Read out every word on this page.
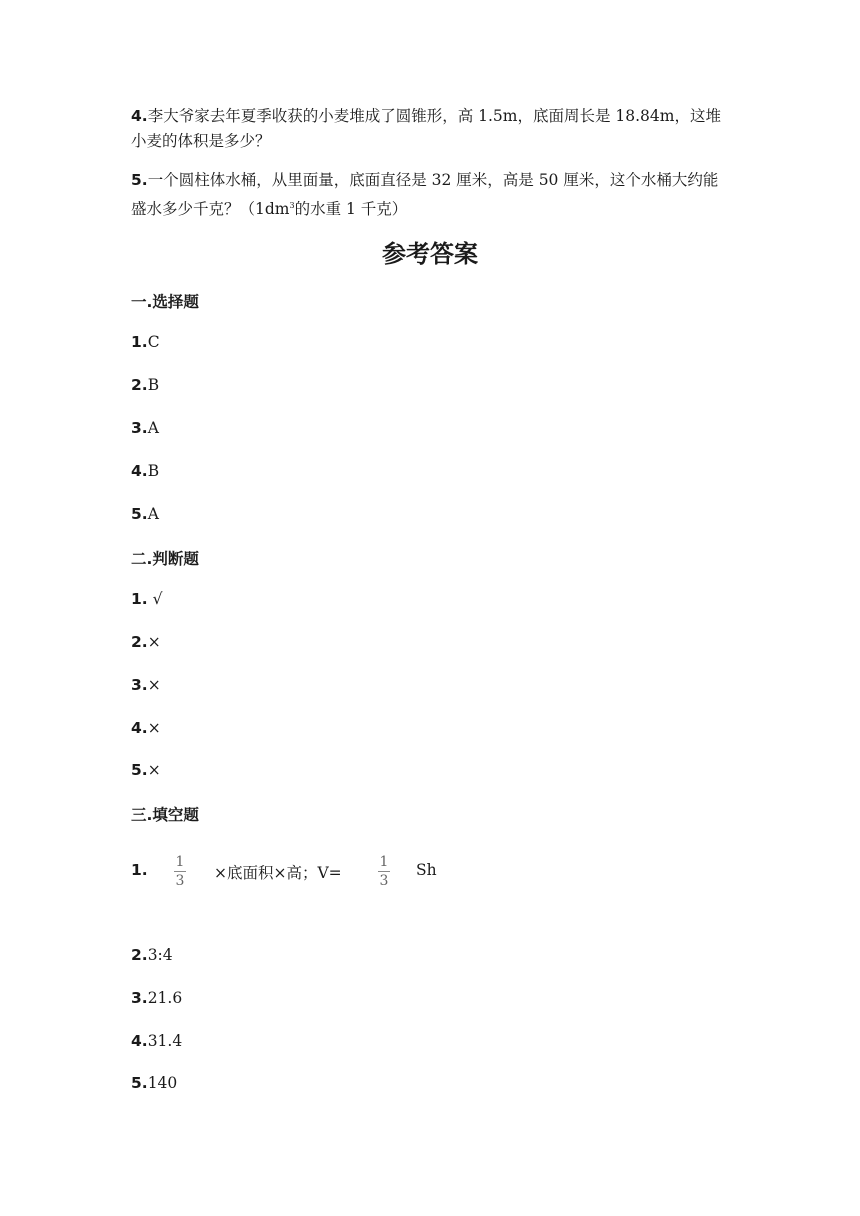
4.李大爷家去年夏季收获的小麦堆成了圆锥形，高 1.5m，底面周长是 18.84m，这堆小麦的体积是多少？

5.一个圆柱体水桶，从里面量，底面直径是 32 厘米，高是 50 厘米，这个水桶大约能盛水多少千克？（$1dm^3$的水重 1 千克）

参考答案

一.选择题

1.C

2.B

3.A

4.B

5.A

二.判断题

1. √

2.×

3.×

4.×

5.×

三.填空题

1. 1
3 ×底面积×高；V=

1
3

Sh

2.3:4

3.21.6

4.31.4

5.140
